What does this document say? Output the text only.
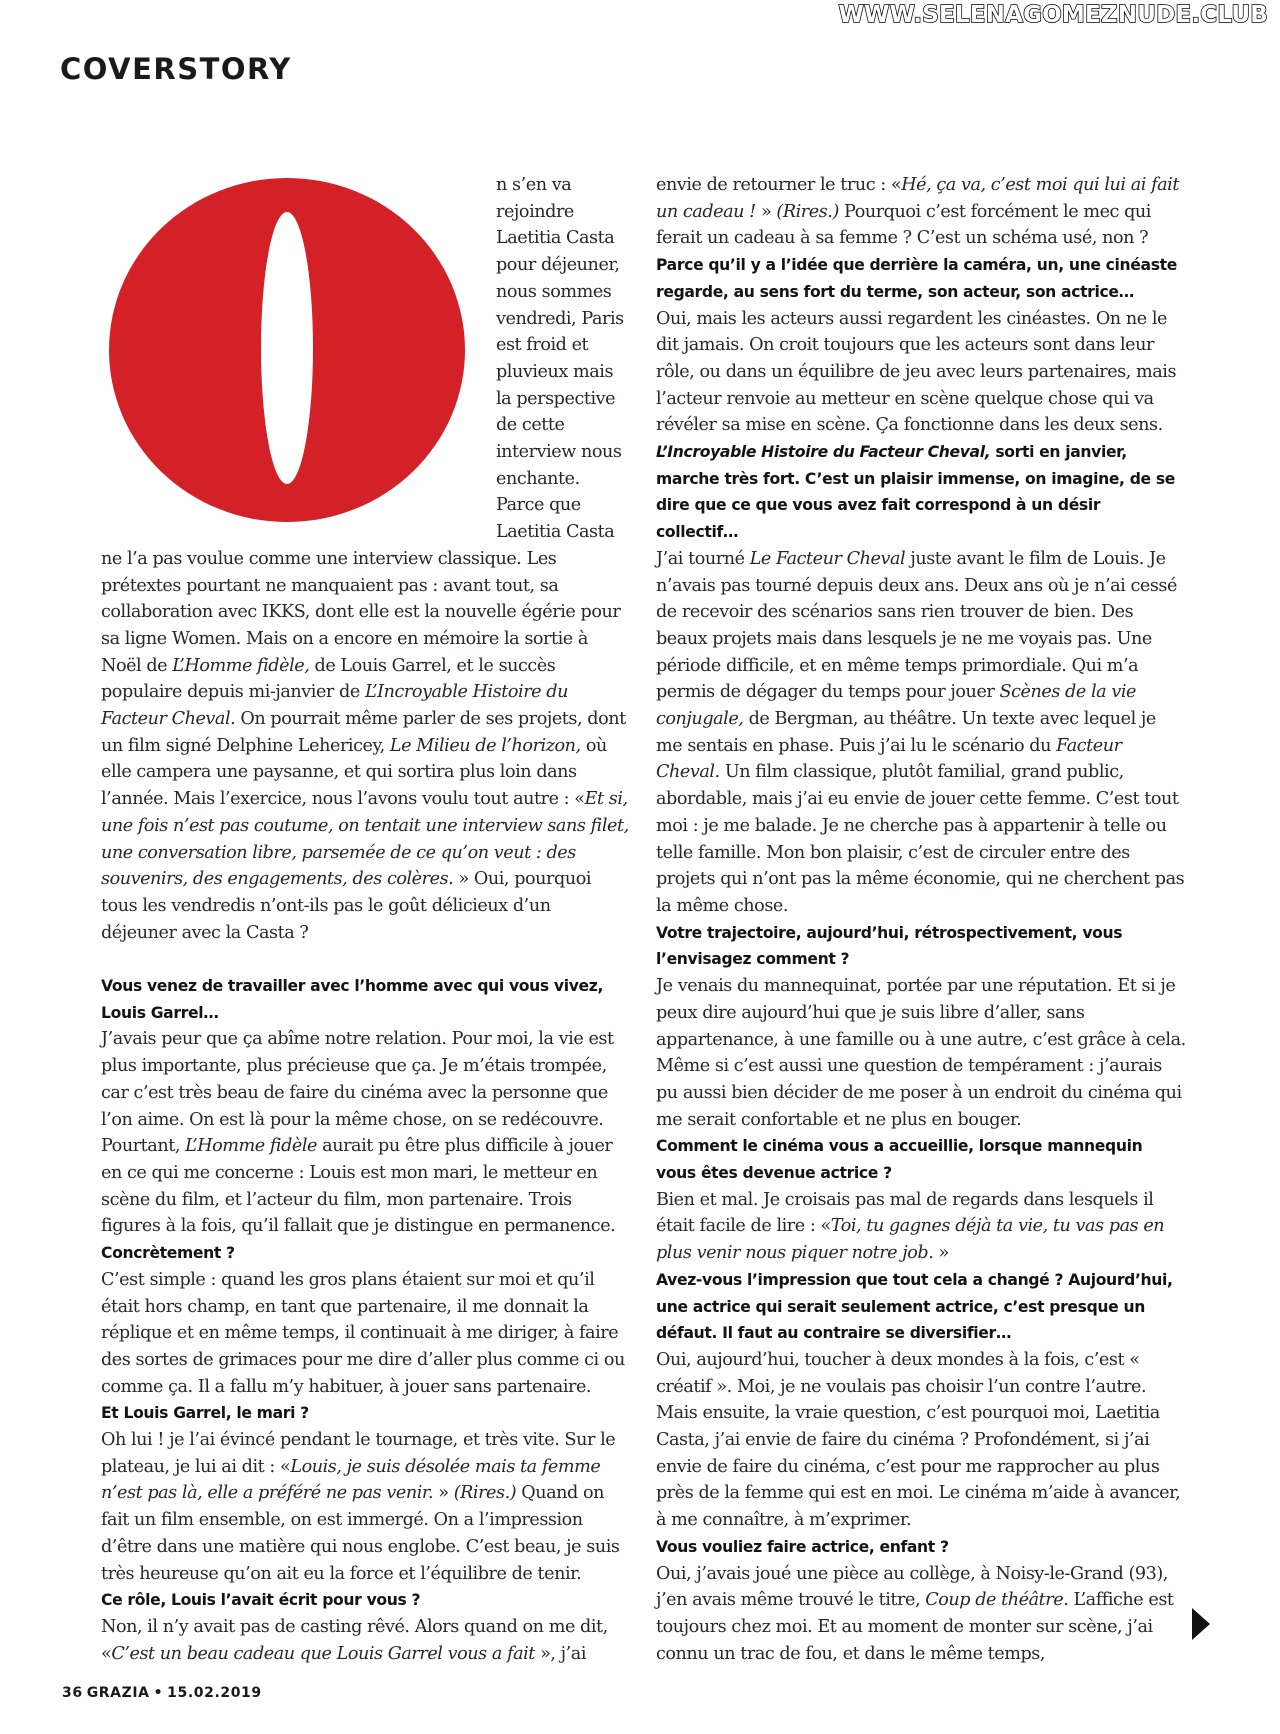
WWW.SELENAGOMEZNUDE.CLUB
COVERSTORY

n s’en va rejoindre Laetitia Casta pour déjeuner, nous sommes vendredi, Paris est froid et pluvieux mais la perspective de cette interview nous enchante. Parce que Laetitia Casta ne l’a pas voulue comme une interview classique. Les prétextes pourtant ne manquaient pas : avant tout, sa collaboration avec IKKS, dont elle est la nouvelle égérie pour sa ligne Women. Mais on a encore en mémoire la sortie à Noël de L’Homme fidèle, de Louis Garrel, et le succès populaire depuis mi-janvier de L’Incroyable Histoire du Facteur Cheval. On pourrait même parler de ses projets, dont un film signé Delphine Lehericey, Le Milieu de l’horizon, où elle campera une paysanne, et qui sortira plus loin dans l’année. Mais l’exercice, nous l’avons voulu tout autre : «Et si, une fois n’est pas coutume, on tentait une interview sans filet, une conversation libre, parsemée de ce qu’on veut : des souvenirs, des engagements, des colères. » Oui, pourquoi tous les vendredis n’ont-ils pas le goût délicieux d’un déjeuner avec la Casta ?

Vous venez de travailler avec l’homme avec qui vous vivez, Louis Garrel…

J’avais peur que ça abîme notre relation. Pour moi, la vie est plus importante, plus précieuse que ça. Je m’étais trompée, car c’est très beau de faire du cinéma avec la personne que l’on aime. On est là pour la même chose, on se redécouvre. Pourtant, L’Homme fidèle aurait pu être plus difficile à jouer en ce qui me concerne : Louis est mon mari, le metteur en scène du film, et l’acteur du film, mon partenaire. Trois figures à la fois, qu’il fallait que je distingue en permanence.

Concrètement ?

C’est simple : quand les gros plans étaient sur moi et qu’il était hors champ, en tant que partenaire, il me donnait la réplique et en même temps, il continuait à me diriger, à faire des sortes de grimaces pour me dire d’aller plus comme ci ou comme ça. Il a fallu m’y habituer, à jouer sans partenaire.

Et Louis Garrel, le mari ?

Oh lui ! je l’ai évincé pendant le tournage, et très vite. Sur le plateau, je lui ai dit : «Louis, je suis désolée mais ta femme n’est pas là, elle a préféré ne pas venir. » (Rires.) Quand on fait un film ensemble, on est immergé. On a l’impression d’être dans une matière qui nous englobe. C’est beau, je suis très heureuse qu’on ait eu la force et l’équilibre de tenir.

Ce rôle, Louis l’avait écrit pour vous ?

Non, il n’y avait pas de casting rêvé. Alors quand on me dit, «C’est un beau cadeau que Louis Garrel vous a fait », j’ai

envie de retourner le truc : «Hé, ça va, c’est moi qui lui ai fait un cadeau ! » (Rires.) Pourquoi c’est forcément le mec qui ferait un cadeau à sa femme ? C’est un schéma usé, non ?

Parce qu’il y a l’idée que derrière la caméra, un, une cinéaste regarde, au sens fort du terme, son acteur, son actrice…

Oui, mais les acteurs aussi regardent les cinéastes. On ne le dit jamais. On croit toujours que les acteurs sont dans leur rôle, ou dans un équilibre de jeu avec leurs partenaires, mais l’acteur renvoie au metteur en scène quelque chose qui va révéler sa mise en scène. Ça fonctionne dans les deux sens.

L’Incroyable Histoire du Facteur Cheval, sorti en janvier, marche très fort. C’est un plaisir immense, on imagine, de se dire que ce que vous avez fait correspond à un désir collectif…

J’ai tourné Le Facteur Cheval juste avant le film de Louis. Je n’avais pas tourné depuis deux ans. Deux ans où je n’ai cessé de recevoir des scénarios sans rien trouver de bien. Des beaux projets mais dans lesquels je ne me voyais pas. Une période difficile, et en même temps primordiale. Qui m’a permis de dégager du temps pour jouer Scènes de la vie conjugale, de Bergman, au théâtre. Un texte avec lequel je me sentais en phase. Puis j’ai lu le scénario du Facteur Cheval. Un film classique, plutôt familial, grand public, abordable, mais j’ai eu envie de jouer cette femme. C’est tout moi : je me balade. Je ne cherche pas à appartenir à telle ou telle famille. Mon bon plaisir, c’est de circuler entre des projets qui n’ont pas la même économie, qui ne cherchent pas la même chose.

Votre trajectoire, aujourd’hui, rétrospectivement, vous l’envisagez comment ?

Je venais du mannequinat, portée par une réputation. Et si je peux dire aujourd’hui que je suis libre d’aller, sans appartenance, à une famille ou à une autre, c’est grâce à cela. Même si c’est aussi une question de tempérament : j’aurais pu aussi bien décider de me poser à un endroit du cinéma qui me serait confortable et ne plus en bouger.

Comment le cinéma vous a accueillie, lorsque mannequin vous êtes devenue actrice ?

Bien et mal. Je croisais pas mal de regards dans lesquels il était facile de lire : «Toi, tu gagnes déjà ta vie, tu vas pas en plus venir nous piquer notre job. »

Avez-vous l’impression que tout cela a changé ? Aujourd’hui, une actrice qui serait seulement actrice, c’est presque un défaut. Il faut au contraire se diversifier…

Oui, aujourd’hui, toucher à deux mondes à la fois, c’est « créatif ». Moi, je ne voulais pas choisir l’un contre l’autre. Mais ensuite, la vraie question, c’est pourquoi moi, Laetitia Casta, j’ai envie de faire du cinéma ? Profondément, si j’ai envie de faire du cinéma, c’est pour me rapprocher au plus près de la femme qui est en moi. Le cinéma m’aide à avancer, à me connaître, à m’exprimer.

Vous vouliez faire actrice, enfant ?

Oui, j’avais joué une pièce au collège, à Noisy-le-Grand (93), j’en avais même trouvé le titre, Coup de théâtre. L’affiche est toujours chez moi. Et au moment de monter sur scène, j’ai connu un trac de fou, et dans le même temps,

36 GRAZIA • 15.02.2019
